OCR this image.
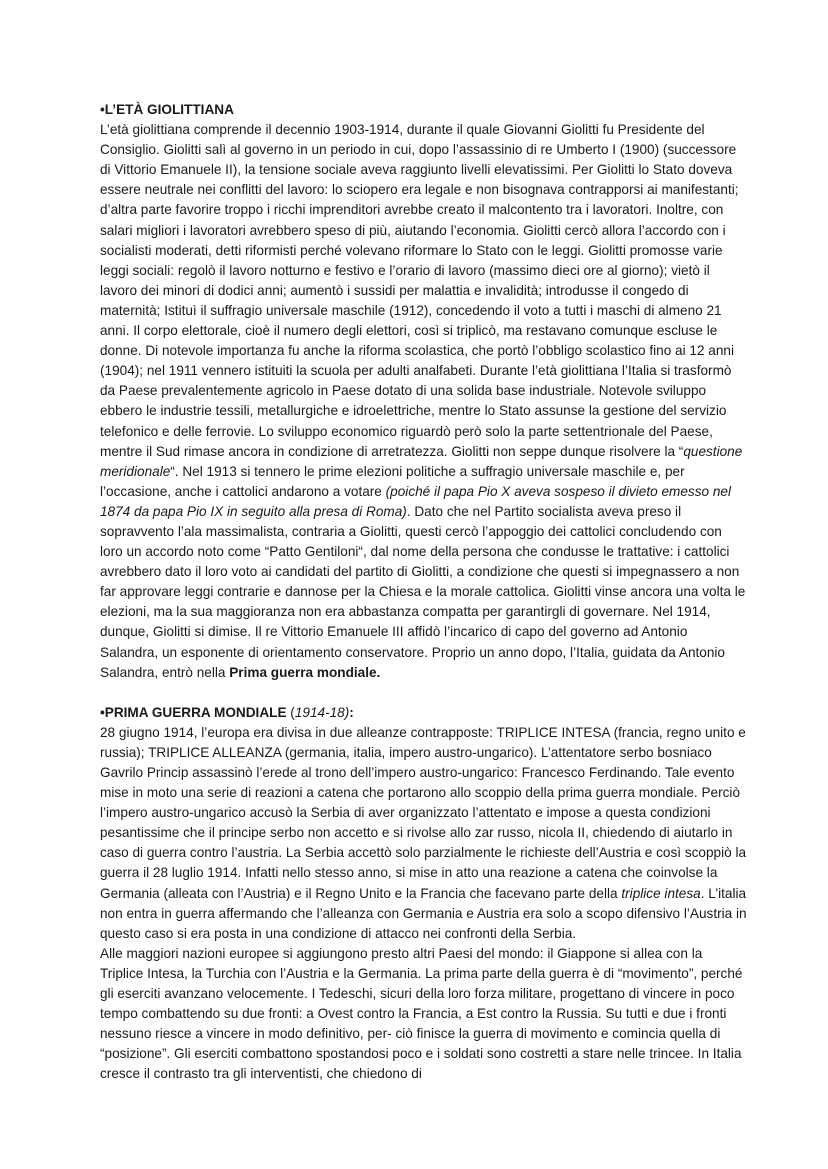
•L’ETÀ GIOLITTIANA

L’età giolittiana comprende il decennio 1903-1914, durante il quale Giovanni Giolitti fu Presidente del Consiglio. Giolitti salì al governo in un periodo in cui, dopo l’assassinio di re Umberto I (1900) (successore di Vittorio Emanuele II), la tensione sociale aveva raggiunto livelli elevatissimi. Per Giolitti lo Stato doveva essere neutrale nei conflitti del lavoro: lo sciopero era legale e non bisognava contrapporsi ai manifestanti; d’altra parte favorire troppo i ricchi imprenditori avrebbe creato il malcontento tra i lavoratori. Inoltre, con salari migliori i lavoratori avrebbero speso di più, aiutando l’economia. Giolitti cercò allora l’accordo con i socialisti moderati, detti riformisti perché volevano riformare lo Stato con le leggi. Giolitti promosse varie leggi sociali: regolò il lavoro notturno e festivo e l’orario di lavoro (massimo dieci ore al giorno); vietò il lavoro dei minori di dodici anni; aumentò i sussidi per malattia e invalidità; introdusse il congedo di maternità; Istituì il suffragio universale maschile (1912), concedendo il voto a tutti i maschi di almeno 21 anni. Il corpo elettorale, cioè il numero degli elettori, così si triplicò, ma restavano comunque escluse le donne. Di notevole importanza fu anche la riforma scolastica, che portò l’obbligo scolastico fino ai 12 anni (1904); nel 1911 vennero istituiti la scuola per adulti analfabeti. Durante l’età giolittiana l’Italia si trasformò da Paese prevalentemente agricolo in Paese dotato di una solida base industriale. Notevole sviluppo ebbero le industrie tessili, metallurgiche e idroelettriche, mentre lo Stato assunse la gestione del servizio telefonico e delle ferrovie. Lo sviluppo economico riguardò però solo la parte settentrionale del Paese, mentre il Sud rimase ancora in condizione di arretratezza. Giolitti non seppe dunque risolvere la “questione meridionale“. Nel 1913 si tennero le prime elezioni politiche a suffragio universale maschile e, per l’occasione, anche i cattolici andarono a votare (poiché il papa Pio X aveva sospeso il divieto emesso nel 1874 da papa Pio IX in seguito alla presa di Roma). Dato che nel Partito socialista aveva preso il sopravvento l’ala massimalista, contraria a Giolitti, questi cercò l’appoggio dei cattolici concludendo con loro un accordo noto come “Patto Gentiloni“, dal nome della persona che condusse le trattative: i cattolici avrebbero dato il loro voto ai candidati del partito di Giolitti, a condizione che questi si impegnassero a non far approvare leggi contrarie e dannose per la Chiesa e la morale cattolica. Giolitti vinse ancora una volta le elezioni, ma la sua maggioranza non era abbastanza compatta per garantirgli di governare. Nel 1914, dunque, Giolitti si dimise. Il re Vittorio Emanuele III affidò l’incarico di capo del governo ad Antonio Salandra, un esponente di orientamento conservatore. Proprio un anno dopo, l’Italia, guidata da Antonio Salandra, entrò nella Prima guerra mondiale.

•PRIMA GUERRA MONDIALE (1914-18):

28 giugno 1914, l’europa era divisa in due alleanze contrapposte: TRIPLICE INTESA (francia, regno unito e russia); TRIPLICE ALLEANZA (germania, italia, impero austro-ungarico). L’attentatore serbo bosniaco Gavrilo Princip assassinò l’erede al trono dell’impero austro-ungarico: Francesco Ferdinando. Tale evento mise in moto una serie di reazioni a catena che portarono allo scoppio della prima guerra mondiale. Perciò l’impero austro-ungarico accusò la Serbia di aver organizzato l’attentato e impose a questa condizioni pesantissime che il principe serbo non accetto e si rivolse allo zar russo, nicola II, chiedendo di aiutarlo in caso di guerra contro l’austria. La Serbia accettò solo parzialmente le richieste dell’Austria e così scoppiò la guerra il 28 luglio 1914. Infatti nello stesso anno, si mise in atto una reazione a catena che coinvolse la Germania (alleata con l’Austria) e il Regno Unito e la Francia che facevano parte della triplice intesa. L’italia non entra in guerra affermando che l’alleanza con Germania e Austria era solo a scopo difensivo l’Austria in questo caso si era posta in una condizione di attacco nei confronti della Serbia.

Alle maggiori nazioni europee si aggiungono presto altri Paesi del mondo: il Giappone si allea con la Triplice Intesa, la Turchia con l’Austria e la Germania. La prima parte della guerra è di “movimento”, perché gli eserciti avanzano velocemente. I Tedeschi, sicuri della loro forza militare, progettano di vincere in poco tempo combattendo su due fronti: a Ovest contro la Francia, a Est contro la Russia. Su tutti e due i fronti nessuno riesce a vincere in modo definitivo, per- ciò finisce la guerra di movimento e comincia quella di “posizione”. Gli eserciti combattono spostandosi poco e i soldati sono costretti a stare nelle trincee. In Italia cresce il contrasto tra gli interventisti, che chiedono di
